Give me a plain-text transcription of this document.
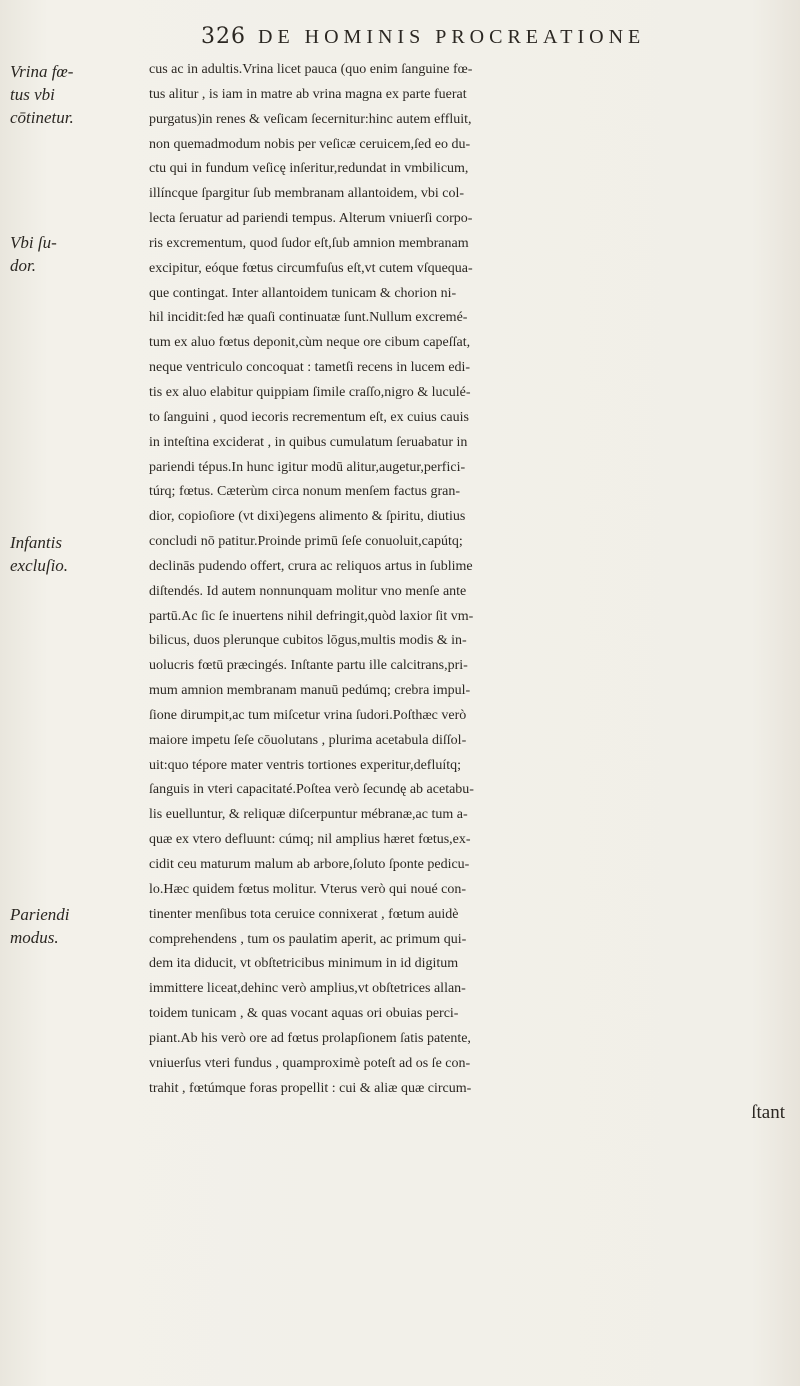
326 DE HOMINIS PROCREATIONE
Vrina fœ-
tus vbi
cōtinetur.
Vbi ſu-
dor.
Infantis
excluſio.
Pariendi
modus.
cus ac in adultis.Vrina licet pauca (quo enim ſanguine fœ-
tus alitur , is iam in matre ab vrina magna ex parte fuerat
purgatus)in renes & veſicam ſecernitur:hinc autem effluit,
non quemadmodum nobis per veſicæ ceruicem,ſed eo du-
ctu qui in fundum veſicę inſeritur,redundat in vmbilicum,
illíncque ſpargitur ſub membranam allantoidem, vbi col-
lecta ſeruatur ad pariendi tempus. Alterum vniuerſi corpo-
ris excrementum, quod ſudor eſt,ſub amnion membranam
excipitur, eóque fœtus circumfuſus eſt,vt cutem vſquequa-
que contingat. Inter allantoidem tunicam & chorion ni-
hil incidit:ſed hæ quaſi continuatæ ſunt.Nullum excremé-
tum ex aluo fœtus deponit,cùm neque ore cibum capeſſat,
neque ventriculo concoquat : tametſi recens in lucem edi-
tis ex aluo elabitur quippiam ſimile craſſo,nigro & luculé-
to ſanguini , quod iecoris recrementum eſt, ex cuius cauis
in inteſtina exciderat , in quibus cumulatum ſeruabatur in
pariendi tépus.In hunc igitur modū alitur,augetur,perfici-
túrq; fœtus. Cæterùm circa nonum menſem factus gran-
dior, copioſiore (vt dixi)egens alimento & ſpiritu, diutius
concludi nō patitur.Proinde primū ſeſe conuoluit,capútq;
declinās pudendo offert, crura ac reliquos artus in ſublime
diſtendés. Id autem nonnunquam molitur vno menſe ante
partū.Ac ſic ſe inuertens nihil defringit,quòd laxior ſit vm-
bilicus, duos plerunque cubitos lōgus,multis modis & in-
uolucris fœtū præcingés. Inſtante partu ille calcitrans,pri-
mum amnion membranam manuū pedúmq; crebra impul-
ſione dirumpit,ac tum miſcetur vrina ſudori.Poſthæc verò
maiore impetu ſeſe cōuolutans , plurima acetabula diſſol-
uit:quo tépore mater ventris tortiones experitur,defluítq;
ſanguis in vteri capacitaté.Poſtea verò ſecundę ab acetabu-
lis euelluntur, & reliquæ diſcerpuntur mébranæ,ac tum a-
quæ ex vtero defluunt: cúmq; nil amplius hæret fœtus,ex-
cidit ceu maturum malum ab arbore,ſoluto ſponte pedicu-
lo.Hæc quidem fœtus molitur. Vterus verò qui noué con-
tinenter menſibus tota ceruice connixerat , fœtum auidè
comprehendens , tum os paulatim aperit, ac primum qui-
dem ita diducit, vt obſtetricibus minimum in id digitum
immittere liceat,dehinc verò amplius,vt obſtetrices allan-
toidem tunicam , & quas vocant aquas ori obuias perci-
piant.Ab his verò ore ad fœtus prolapſionem ſatis patente,
vniuerſus vteri fundus , quamproximè poteſt ad os ſe con-
trahit , fœtúmque foras propellit : cui & aliæ quæ circum-
ſtant
